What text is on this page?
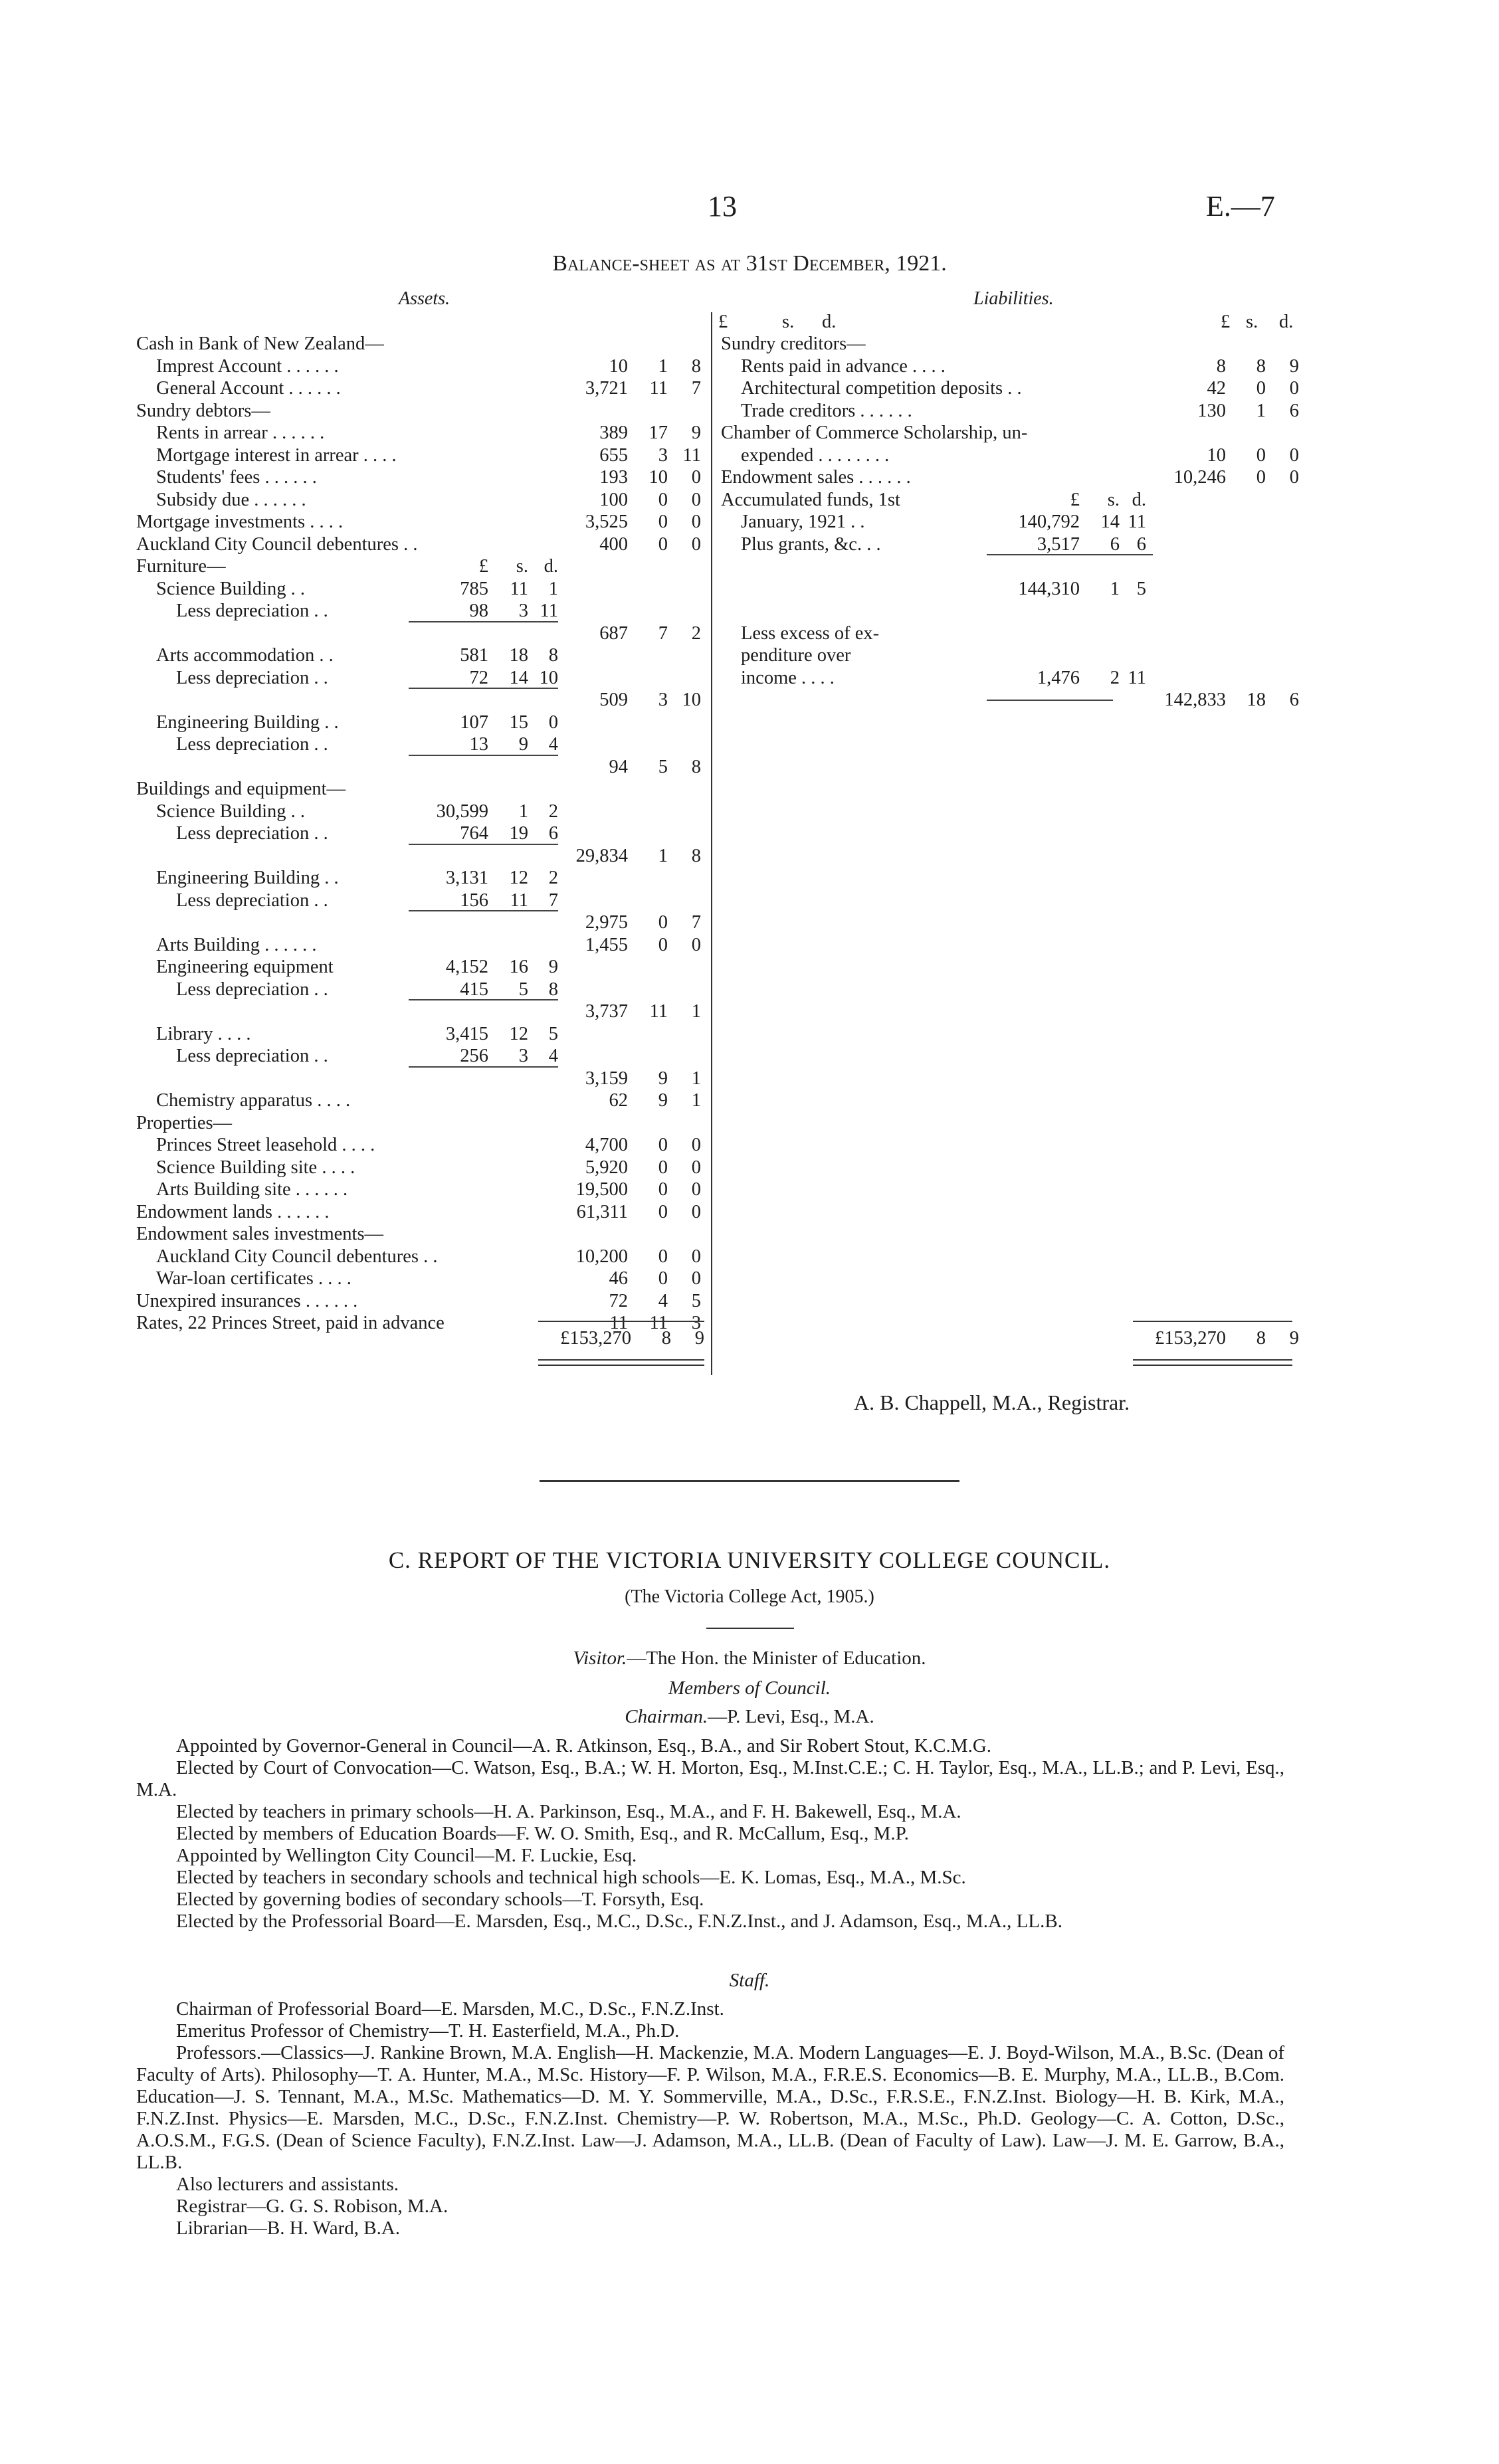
13	E.—7
Balance-sheet as at 31st December, 1921.
Assets.	Liabilities.
£	s. d.	£ s. d.
Cash in Bank of New Zealand—
Imprest Account . . . . . .	10	1	8
General Account . . . . . .	3,721	11	7
Sundry debtors—
Rents in arrear . . . . . .	389	17	9
Mortgage interest in arrear . . . .	655	3 11
Students' fees . . . . . .	193	10	0
Subsidy due . . . . . .	100	0	0
Mortgage investments . . . .	3,525	0	0
Auckland City Council debentures . .	400	0	0
Furniture—	£	s. d.
Science Building . .	785	11	1
Less depreciation . .	98	3 11
687	7	2
Arts accommodation . .	581	18	8
Less depreciation . .	72	14 10
509	3 10
Engineering Building . .	107	15	0
Less depreciation . .	13	9	4
94	5	8
Buildings and equipment—
Science Building . .	30,599	1	2
Less depreciation . .	764	19	6
29,834	1	8
Engineering Building . .	3,131	12	2
Less depreciation . .	156	11	7
2,975	0	7
Arts Building . . . . . .	1,455	0	0
Engineering equipment	4,152	16	9
Less depreciation . .	415	5	8
3,737	11	1
Library . . . .	3,415	12	5
Less depreciation . .	256	3	4
3,159	9	1
Chemistry apparatus . . . .	62	9	1
Properties—
Princes Street leasehold . . . .	4,700	0	0
Science Building site . . . .	5,920	0	0
Arts Building site . . . . . .	19,500	0	0
Endowment lands . . . . . .	61,311	0	0
Endowment sales investments—
Auckland City Council debentures . .	10,200	0	0
War-loan certificates . . . .	46	0	0
Unexpired insurances . . . . . .	72	4	5
Rates, 22 Princes Street, paid in advance	11	11	3
Sundry creditors—
Rents paid in advance . . . .	8	8	9
Architectural competition deposits . .	42	0	0
Trade creditors . . . . . .	130	1	6
Chamber of Commerce Scholarship, un-
expended . . . . . . . .	10	0	0
Endowment sales . . . . . .	10,246	0	0
Accumulated funds, 1st	£	s. d.
January, 1921 . .	140,792	14 11
Plus grants, &c. . .	3,517	6 6
144,310	1 5
Less excess of ex-
penditure over
income . . . .	1,476	2 11
142,833	18	6
£153,270	8	9	£153,270	8	9
A. B. Chappell, M.A., Registrar.
C. REPORT OF THE VICTORIA UNIVERSITY COLLEGE COUNCIL.
(The Victoria College Act, 1905.)
Visitor.—The Hon. the Minister of Education.
Members of Council.
Chairman.—P. Levi, Esq., M.A.
Appointed by Governor-General in Council—A. R. Atkinson, Esq., B.A., and Sir Robert Stout, K.C.M.G.
Elected by Court of Convocation—C. Watson, Esq., B.A.; W. H. Morton, Esq., M.Inst.C.E.; C. H. Taylor, Esq., M.A., LL.B.; and P. Levi, Esq., M.A.
Elected by teachers in primary schools—H. A. Parkinson, Esq., M.A., and F. H. Bakewell, Esq., M.A.
Elected by members of Education Boards—F. W. O. Smith, Esq., and R. McCallum, Esq., M.P.
Appointed by Wellington City Council—M. F. Luckie, Esq.
Elected by teachers in secondary schools and technical high schools—E. K. Lomas, Esq., M.A., M.Sc.
Elected by governing bodies of secondary schools—T. Forsyth, Esq.
Elected by the Professorial Board—E. Marsden, Esq., M.C., D.Sc., F.N.Z.Inst., and J. Adamson, Esq., M.A., LL.B.
Staff.
Chairman of Professorial Board—E. Marsden, M.C., D.Sc., F.N.Z.Inst.
Emeritus Professor of Chemistry—T. H. Easterfield, M.A., Ph.D.
Professors.—Classics—J. Rankine Brown, M.A. English—H. Mackenzie, M.A. Modern Languages—E. J. Boyd-Wilson, M.A., B.Sc. (Dean of Faculty of Arts). Philosophy—T. A. Hunter, M.A., M.Sc. History—F. P. Wilson, M.A., F.R.E.S. Economics—B. E. Murphy, M.A., LL.B., B.Com. Education—J. S. Tennant, M.A., M.Sc. Mathematics—D. M. Y. Sommerville, M.A., D.Sc., F.R.S.E., F.N.Z.Inst. Biology—H. B. Kirk, M.A., F.N.Z.Inst. Physics—E. Marsden, M.C., D.Sc., F.N.Z.Inst. Chemistry—P. W. Robertson, M.A., M.Sc., Ph.D. Geology—C. A. Cotton, D.Sc., A.O.S.M., F.G.S. (Dean of Science Faculty), F.N.Z.Inst. Law—J. Adamson, M.A., LL.B. (Dean of Faculty of Law). Law—J. M. E. Garrow, B.A., LL.B.
Also lecturers and assistants.
Registrar—G. G. S. Robison, M.A.
Librarian—B. H. Ward, B.A.
